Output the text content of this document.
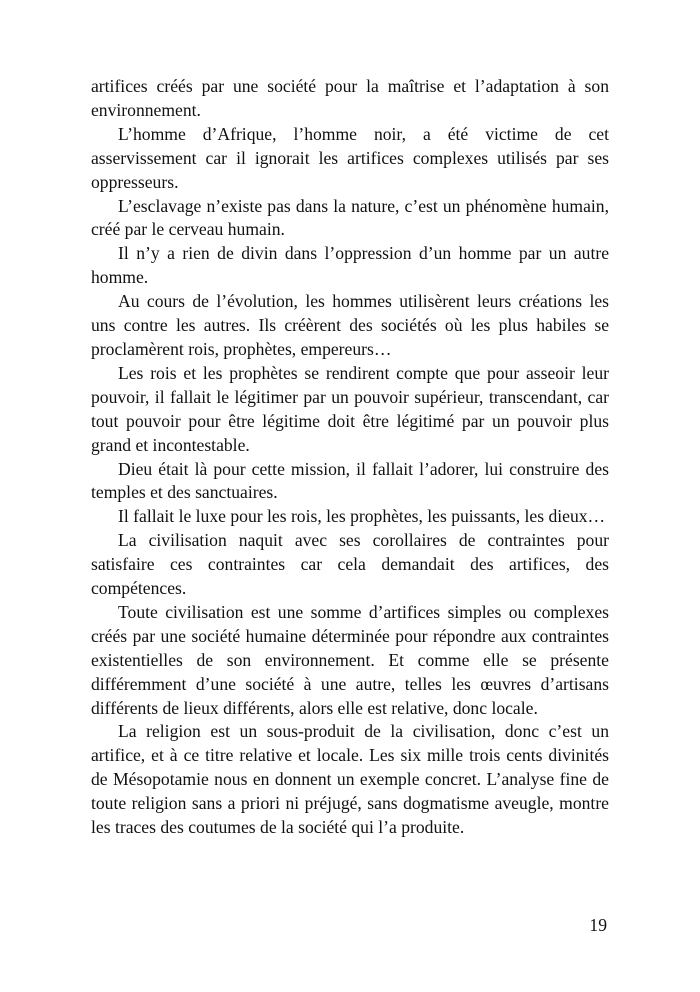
artifices créés par une société pour la maîtrise et l’adaptation à son environnement.

L’homme d’Afrique, l’homme noir, a été victime de cet asservissement car il ignorait les artifices complexes utilisés par ses oppresseurs.

L’esclavage n’existe pas dans la nature, c’est un phénomène humain, créé par le cerveau humain.

Il n’y a rien de divin dans l’oppression d’un homme par un autre homme.

Au cours de l’évolution, les hommes utilisèrent leurs créations les uns contre les autres. Ils créèrent des sociétés où les plus habiles se proclamèrent rois, prophètes, empereurs…

Les rois et les prophètes se rendirent compte que pour asseoir leur pouvoir, il fallait le légitimer par un pouvoir supérieur, transcendant, car tout pouvoir pour être légitime doit être légitimé par un pouvoir plus grand et incontestable.

Dieu était là pour cette mission, il fallait l’adorer, lui construire des temples et des sanctuaires.

Il fallait le luxe pour les rois, les prophètes, les puissants, les dieux…

La civilisation naquit avec ses corollaires de contraintes pour satisfaire ces contraintes car cela demandait des artifices, des compétences.

Toute civilisation est une somme d’artifices simples ou complexes créés par une société humaine déterminée pour répondre aux contraintes existentielles de son environnement. Et comme elle se présente différemment d’une société à une autre, telles les œuvres d’artisans différents de lieux différents, alors elle est relative, donc locale.

La religion est un sous-produit de la civilisation, donc c’est un artifice, et à ce titre relative et locale. Les six mille trois cents divinités de Mésopotamie nous en donnent un exemple concret. L’analyse fine de toute religion sans a priori ni préjugé, sans dogmatisme aveugle, montre les traces des coutumes de la société qui l’a produite.

19
